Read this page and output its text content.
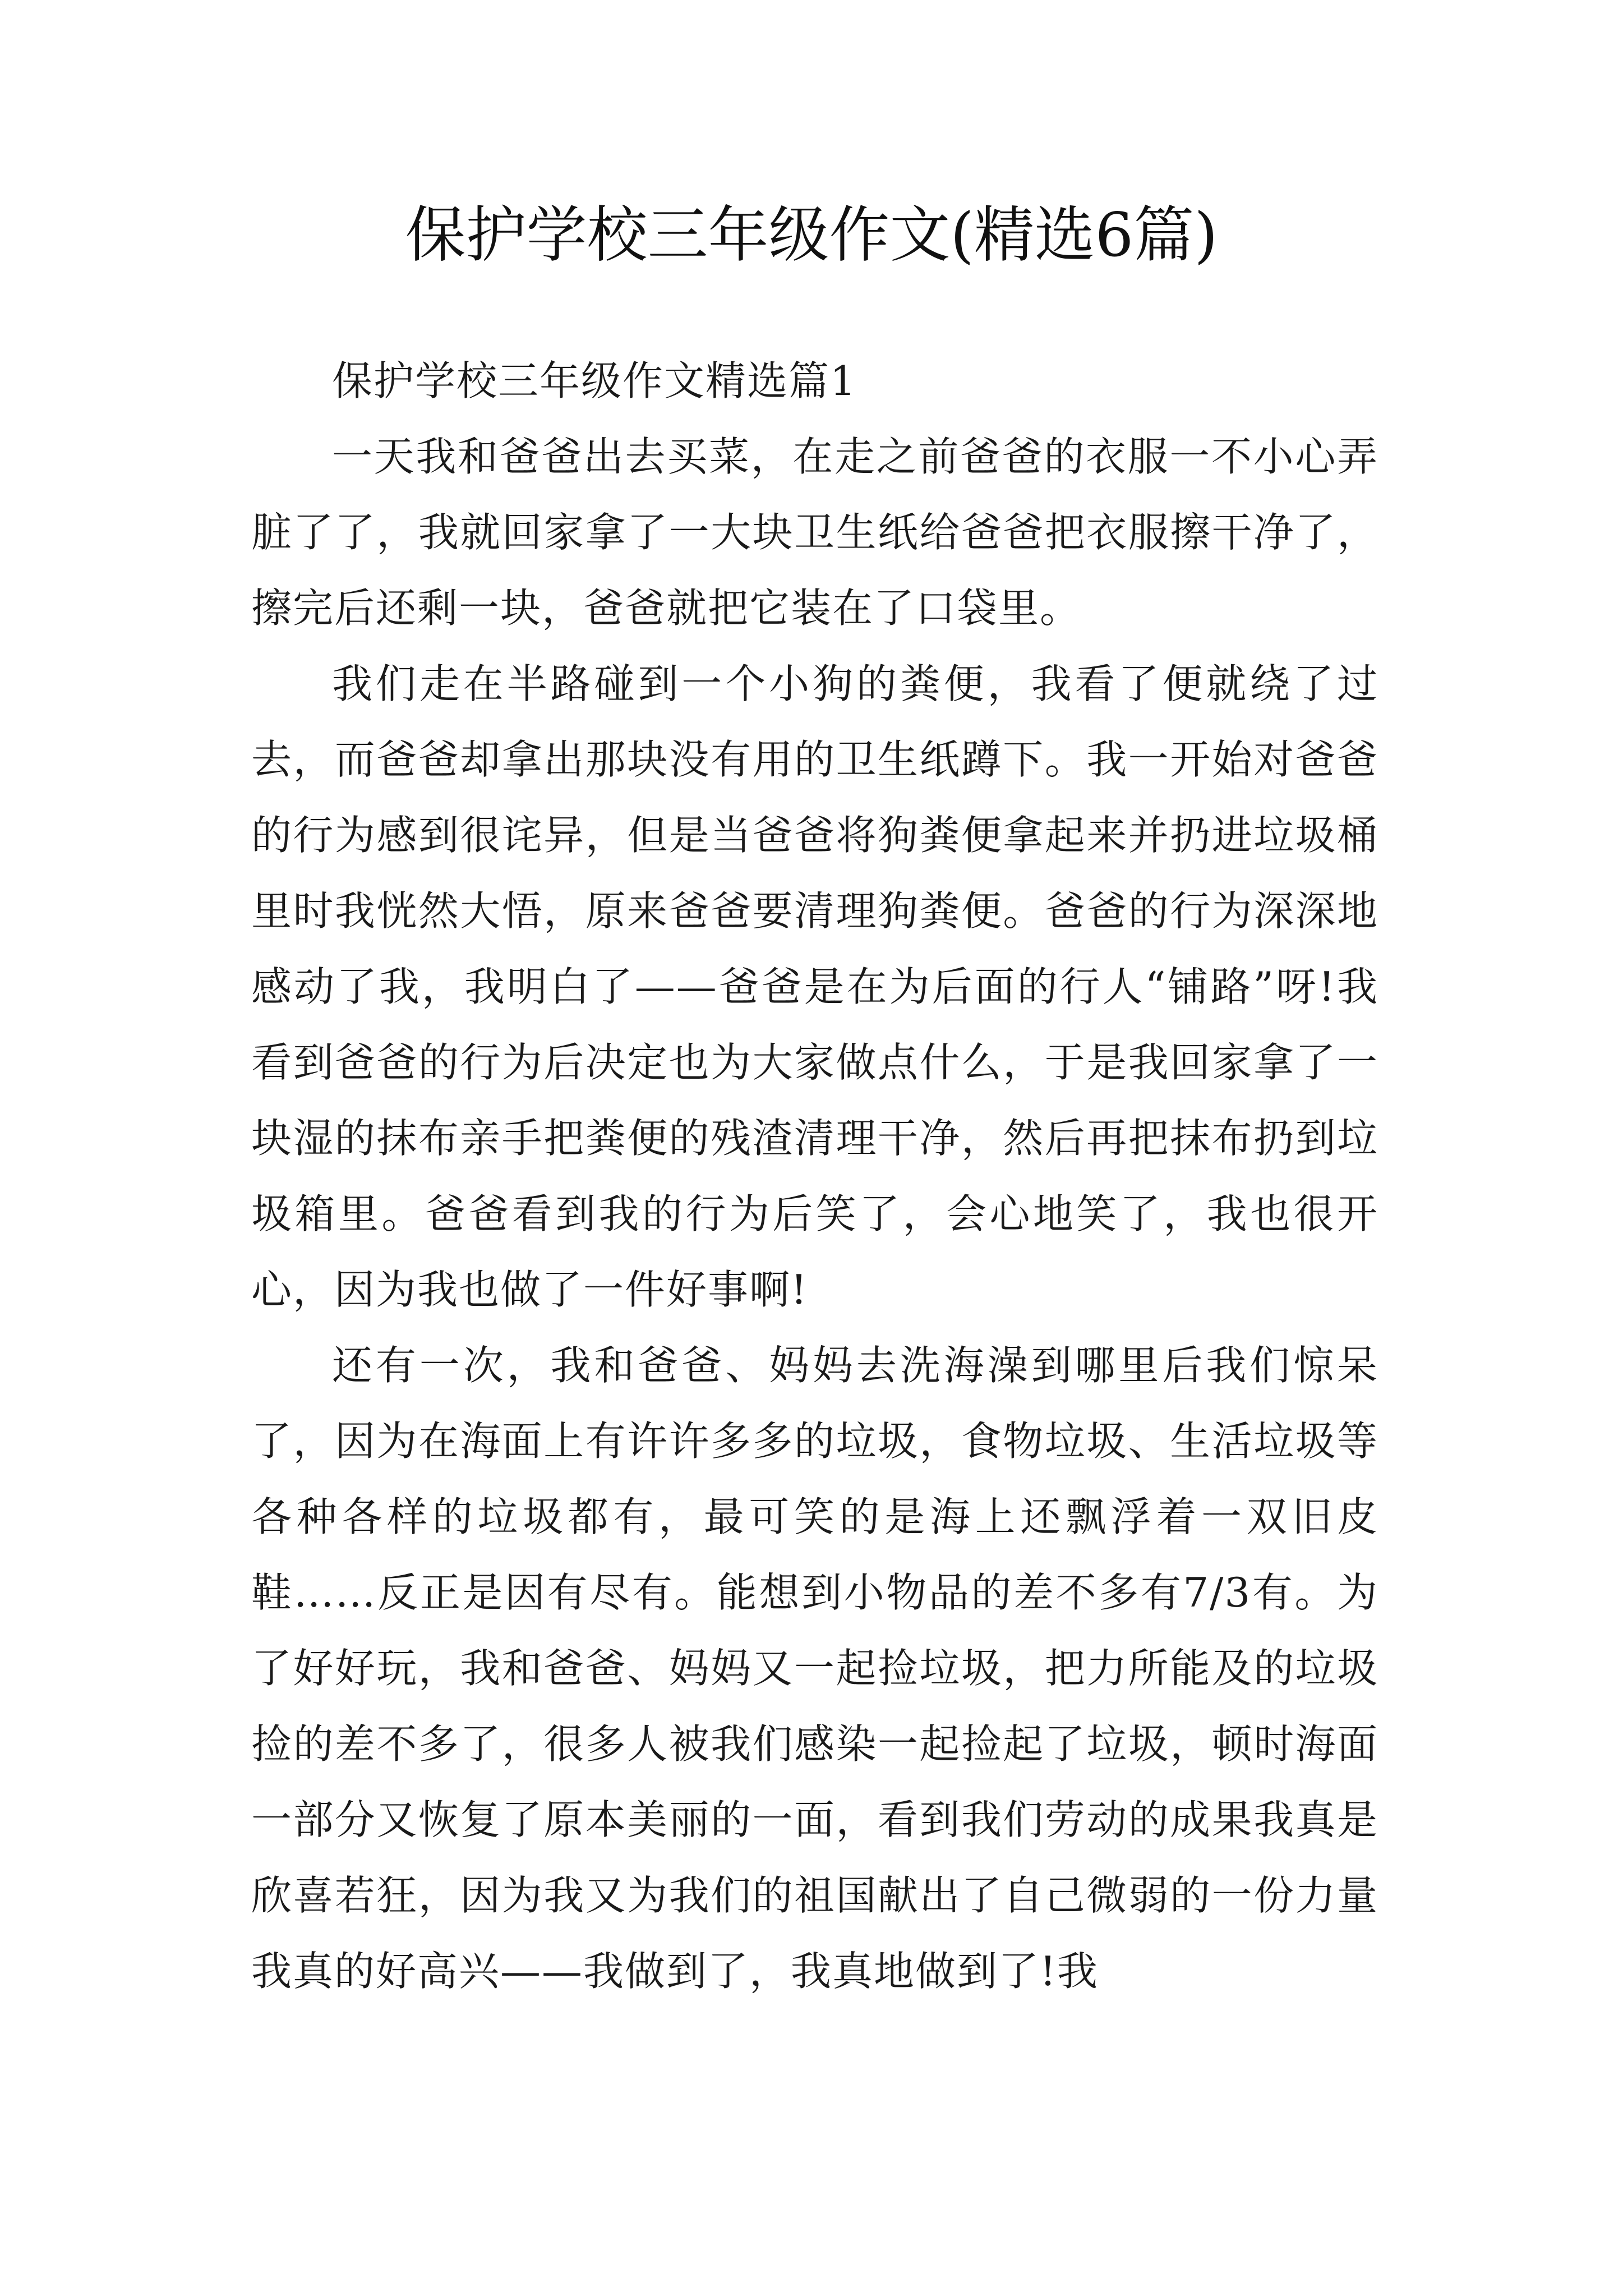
保护学校三年级作文(精选6篇)

保护学校三年级作文精选篇1

一天我和爸爸出去买菜，在走之前爸爸的衣服一不小心弄脏了了，我就回家拿了一大块卫生纸给爸爸把衣服擦干净了，擦完后还剩一块，爸爸就把它装在了口袋里。

我们走在半路碰到一个小狗的粪便，我看了便就绕了过去，而爸爸却拿出那块没有用的卫生纸蹲下。我一开始对爸爸的行为感到很诧异，但是当爸爸将狗粪便拿起来并扔进垃圾桶里时我恍然大悟，原来爸爸要清理狗粪便。爸爸的行为深深地感动了我，我明白了——爸爸是在为后面的行人“铺路”呀!我看到爸爸的行为后决定也为大家做点什么，于是我回家拿了一块湿的抹布亲手把粪便的残渣清理干净，然后再把抹布扔到垃圾箱里。爸爸看到我的行为后笑了，会心地笑了，我也很开心，因为我也做了一件好事啊!

还有一次，我和爸爸、妈妈去洗海澡到哪里后我们惊呆了，因为在海面上有许许多多的垃圾，食物垃圾、生活垃圾等各种各样的垃圾都有，最可笑的是海上还飘浮着一双旧皮鞋……反正是因有尽有。能想到小物品的差不多有7/3有。为了好好玩，我和爸爸、妈妈又一起捡垃圾，把力所能及的垃圾捡的差不多了，很多人被我们感染一起捡起了垃圾，顿时海面一部分又恢复了原本美丽的一面，看到我们劳动的成果我真是欣喜若狂，因为我又为我们的祖国献出了自己微弱的一份力量我真的好高兴——我做到了，我真地做到了!我
